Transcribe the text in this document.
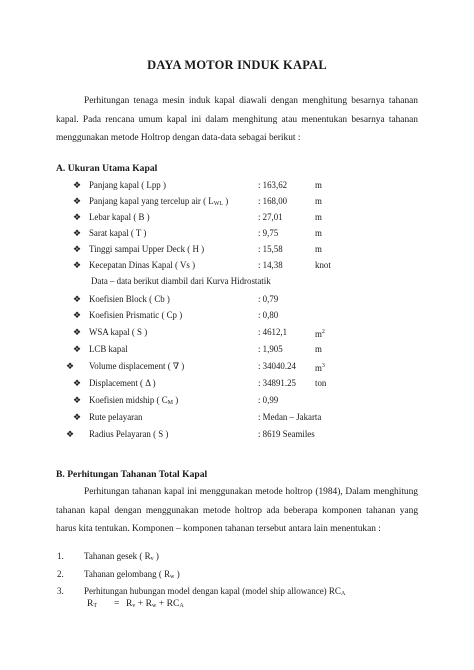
DAYA MOTOR INDUK KAPAL
Perhitungan tenaga mesin induk kapal diawali dengan menghitung besarnya tahanan kapal. Pada rencana umum kapal ini dalam menghitung atau menentukan besarnya tahanan menggunakan metode Holtrop dengan data-data sebagai berikut :
A. Ukuran Utama Kapal
❖ Panjang kapal ( Lpp )	: 163,62	m
❖ Panjang kapal yang tercelup air ( LWL )	: 168,00	m
❖ Lebar kapal ( B )	: 27,01	m
❖ Sarat kapal ( T )	: 9,75	m
❖ Tinggi sampai Upper Deck ( H )	: 15,58	m
❖ Kecepatan Dinas Kapal ( Vs )	: 14,38	knot
Data – data berikut diambil dari Kurva Hidrostatik
❖ Koefisien Block ( Cb )	: 0,79
❖ Koefisien Prismatic ( Cp )	: 0,80
❖ WSA kapal ( S )	: 4612,1	$m^2$
❖ LCB kapal	: 1,905	m
❖ Volume displacement ( ∇ )	: 34040.24 $m^3$
❖ Displacement ( Δ )	: 34891.25 ton
❖ Koefisien midship ( CM )	: 0,99
❖ Rute pelayaran	: Medan – Jakarta
❖ Radius Pelayaran ( S )	: 8619 Seamiles
B. Perhitungan Tahanan Total Kapal
Perhitungan tahanan kapal ini menggunakan metode holtrop (1984), Dalam menghitung tahanan kapal dengan menggunakan metode holtrop ada beberapa komponen tahanan yang harus kita tentukan. Komponen – komponen tahanan tersebut antara lain menentukan :
1. Tahanan gesek ( Rv )
2. Tahanan gelombang ( Rw )
3. Perhitungan hubungan model dengan kapal (model ship allowance) RCA
RT = Rv + Rw + RCA
